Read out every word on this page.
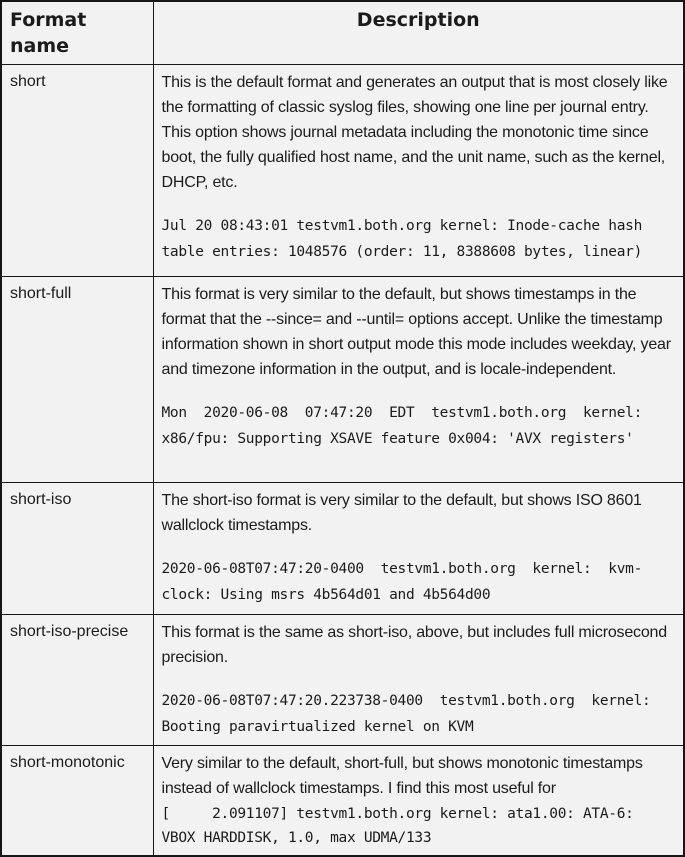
Format name	Description
short	This is the default format and generates an output that is most closely like the formatting of classic syslog files, showing one line per journal entry. This option shows journal metadata including the monotonic time since boot, the fully qualified host name, and the unit name, such as the kernel, DHCP, etc.
Jul 20 08:43:01 testvm1.both.org kernel: Inode-cache hash
table entries: 1048576 (order: 11, 8388608 bytes, linear)

short-full	This format is very similar to the default, but shows timestamps in the format that the --since= and --until= options accept. Unlike the timestamp information shown in short output mode this mode includes weekday, year and timezone information in the output, and is locale-independent.
Mon  2020-06-08  07:47:20  EDT  testvm1.both.org  kernel:
x86/fpu: Supporting XSAVE feature 0x004: 'AVX registers'

short-iso	The short-iso format is very similar to the default, but shows ISO 8601 wallclock timestamps.
2020-06-08T07:47:20-0400  testvm1.both.org  kernel:  kvm-
clock: Using msrs 4b564d01 and 4b564d00

short-iso-precise	This format is the same as short-iso, above, but includes full microsecond precision.
2020-06-08T07:47:20.223738-0400  testvm1.both.org  kernel:
Booting paravirtualized kernel on KVM

short-monotonic	Very similar to the default, short-full, but shows monotonic timestamps instead of wallclock timestamps. I find this most useful for
[     2.091107] testvm1.both.org kernel: ata1.00: ATA-6:
VBOX HARDDISK, 1.0, max UDMA/133
